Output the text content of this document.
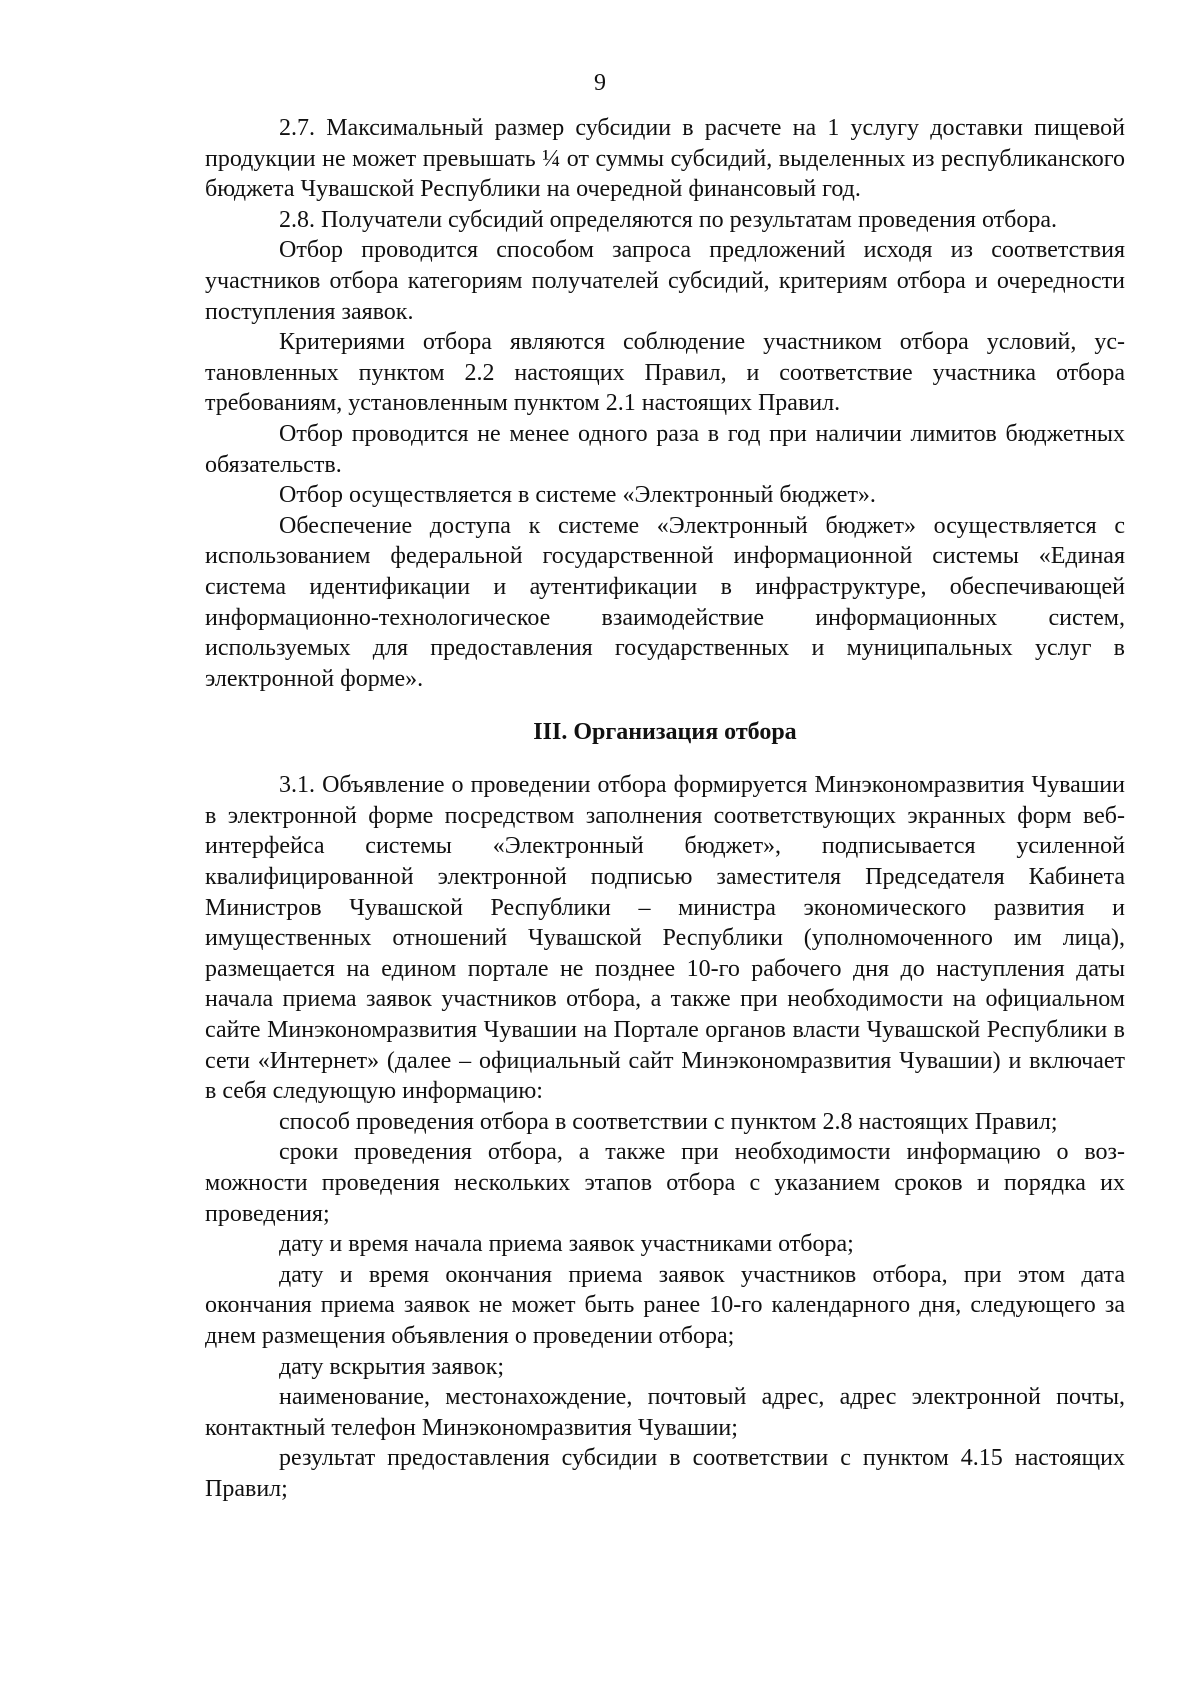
9

2.7. Максимальный размер субсидии в расчете на 1 услугу доставки пищевой продукции не может превышать ¼ от суммы субсидий, выделенных из республиканского бюджета Чувашской Республики на очередной финансовый год.

2.8. Получатели субсидий определяются по результатам проведения отбора.

Отбор проводится способом запроса предложений исходя из соответствия участников отбора категориям получателей субсидий, критериям отбора и очередности поступления заявок.

Критериями отбора являются соблюдение участником отбора условий, установленных пунктом 2.2 настоящих Правил, и соответствие участника отбора требованиям, установленным пунктом 2.1 настоящих Правил.

Отбор проводится не менее одного раза в год при наличии лимитов бюджетных обязательств.

Отбор осуществляется в системе «Электронный бюджет».

Обеспечение доступа к системе «Электронный бюджет» осуществляется с использованием федеральной государственной информационной системы «Единая система идентификации и аутентификации в инфраструктуре, обеспечивающей информационно-технологическое взаимодействие информационных систем, используемых для предоставления государственных и муниципальных услуг в электронной форме».

III. Организация отбора

3.1. Объявление о проведении отбора формируется Минэкономразвития Чувашии в электронной форме посредством заполнения соответствующих экранных форм веб-интерфейса системы «Электронный бюджет», подписывается усиленной квалифицированной электронной подписью заместителя Председателя Кабинета Министров Чувашской Республики – министра экономического развития и имущественных отношений Чувашской Республики (уполномоченного им лица), размещается на едином портале не позднее 10-го рабочего дня до наступления даты начала приема заявок участников отбора, а также при необходимости на официальном сайте Минэкономразвития Чувашии на Портале органов власти Чувашской Республики в сети «Интернет» (далее – официальный сайт Минэкономразвития Чувашии) и включает в себя следующую информацию:

способ проведения отбора в соответствии с пунктом 2.8 настоящих Правил;

сроки проведения отбора, а также при необходимости информацию о возможности проведения нескольких этапов отбора с указанием сроков и порядка их проведения;

дату и время начала приема заявок участниками отбора;

дату и время окончания приема заявок участников отбора, при этом дата окончания приема заявок не может быть ранее 10-го календарного дня, следующего за днем размещения объявления о проведении отбора;

дату вскрытия заявок;

наименование, местонахождение, почтовый адрес, адрес электронной почты, контактный телефон Минэкономразвития Чувашии;

результат предоставления субсидии в соответствии с пунктом 4.15 настоящих Правил;
